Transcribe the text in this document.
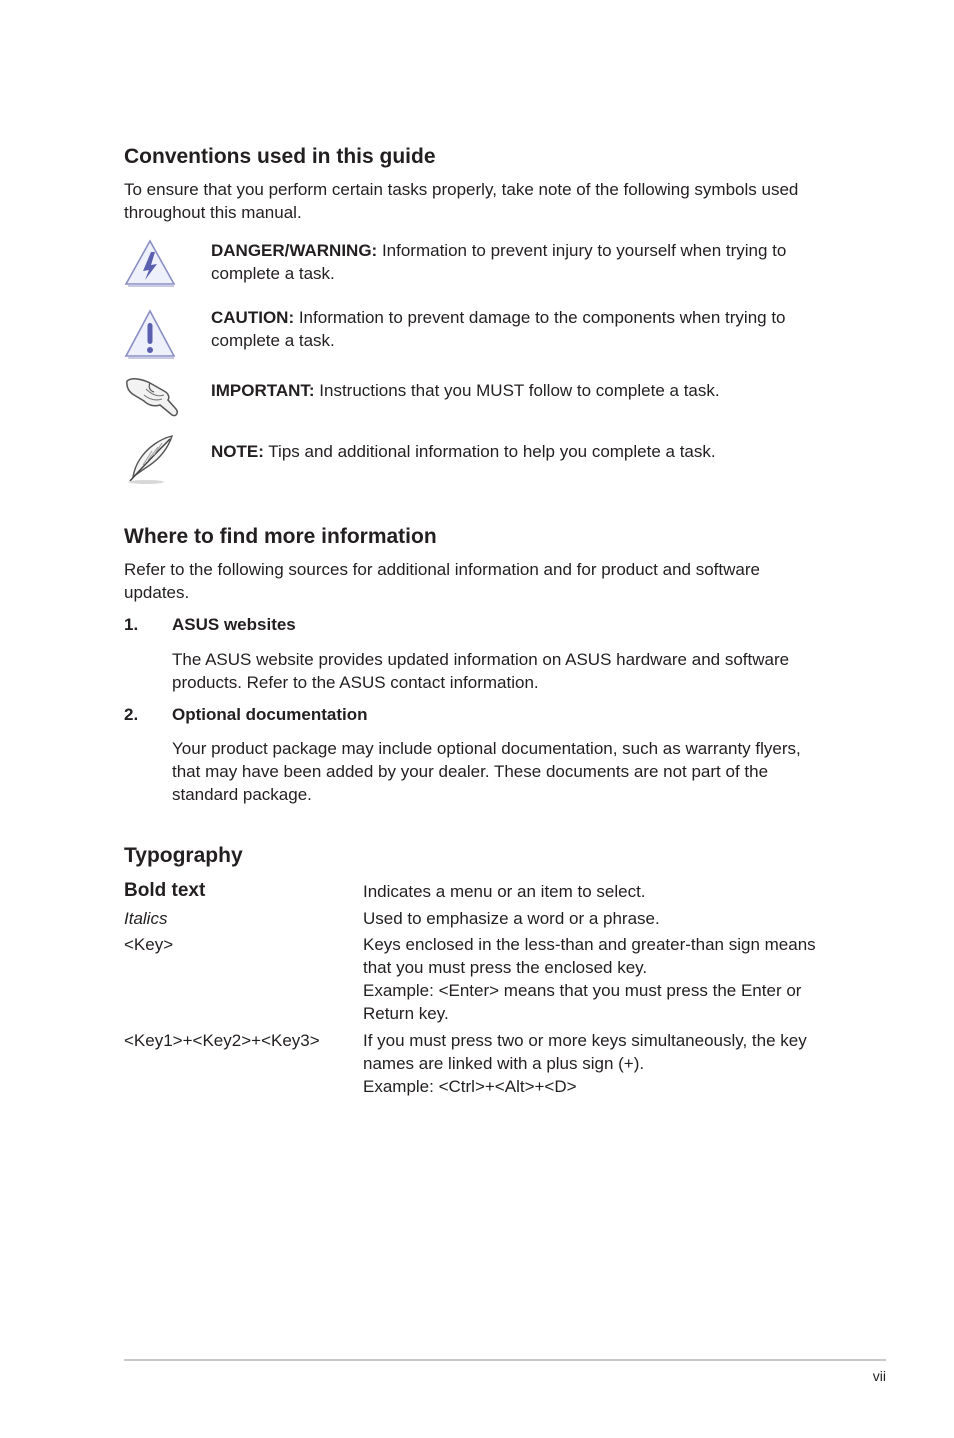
Conventions used in this guide

To ensure that you perform certain tasks properly, take note of the following symbols used throughout this manual.

DANGER/WARNING: Information to prevent injury to yourself when trying to complete a task.

CAUTION: Information to prevent damage to the components when trying to complete a task.

IMPORTANT: Instructions that you MUST follow to complete a task.

NOTE: Tips and additional information to help you complete a task.

Where to find more information

Refer to the following sources for additional information and for product and software updates.

1. ASUS websites

The ASUS website provides updated information on ASUS hardware and software products. Refer to the ASUS contact information.

2. Optional documentation

Your product package may include optional documentation, such as warranty flyers, that may have been added by your dealer. These documents are not part of the standard package.

Typography
Bold text	Indicates a menu or an item to select.
Italics	Used to emphasize a word or a phrase.
<Key>	Keys enclosed in the less-than and greater-than sign means that you must press the enclosed key.
Example: <Enter> means that you must press the Enter or Return key.
<Key1>+<Key2>+<Key3>	If you must press two or more keys simultaneously, the key names are linked with a plus sign (+).
Example: <Ctrl>+<Alt>+<D>
vii
